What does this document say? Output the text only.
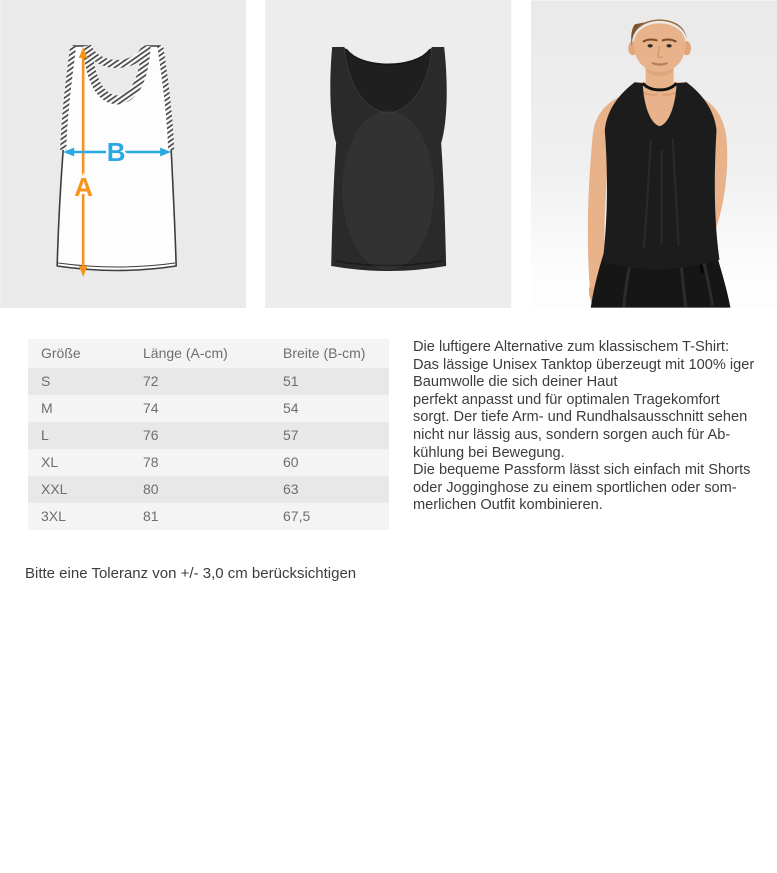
A
B
Größe	Länge (A-cm)	Breite (B-cm)
S	72	51
M	74	54
L	76	57
XL	78	60
XXL	80	63
3XL	81	67,5
Die luftigere Alternative zum klassischem T-Shirt:
Das lässige Unisex Tanktop überzeugt mit 100% iger
Baumwolle die sich deiner Haut
perfekt anpasst und für optimalen Tragekomfort
sorgt. Der tiefe Arm- und Rundhalsausschnitt sehen
nicht nur lässig aus, sondern sorgen auch für Ab-
kühlung bei Bewegung.
Die bequeme Passform lässt sich einfach mit Shorts
oder Jogginghose zu einem sportlichen oder som-
merlichen Outfit kombinieren.
Bitte eine Toleranz von +/- 3,0 cm berücksichtigen
